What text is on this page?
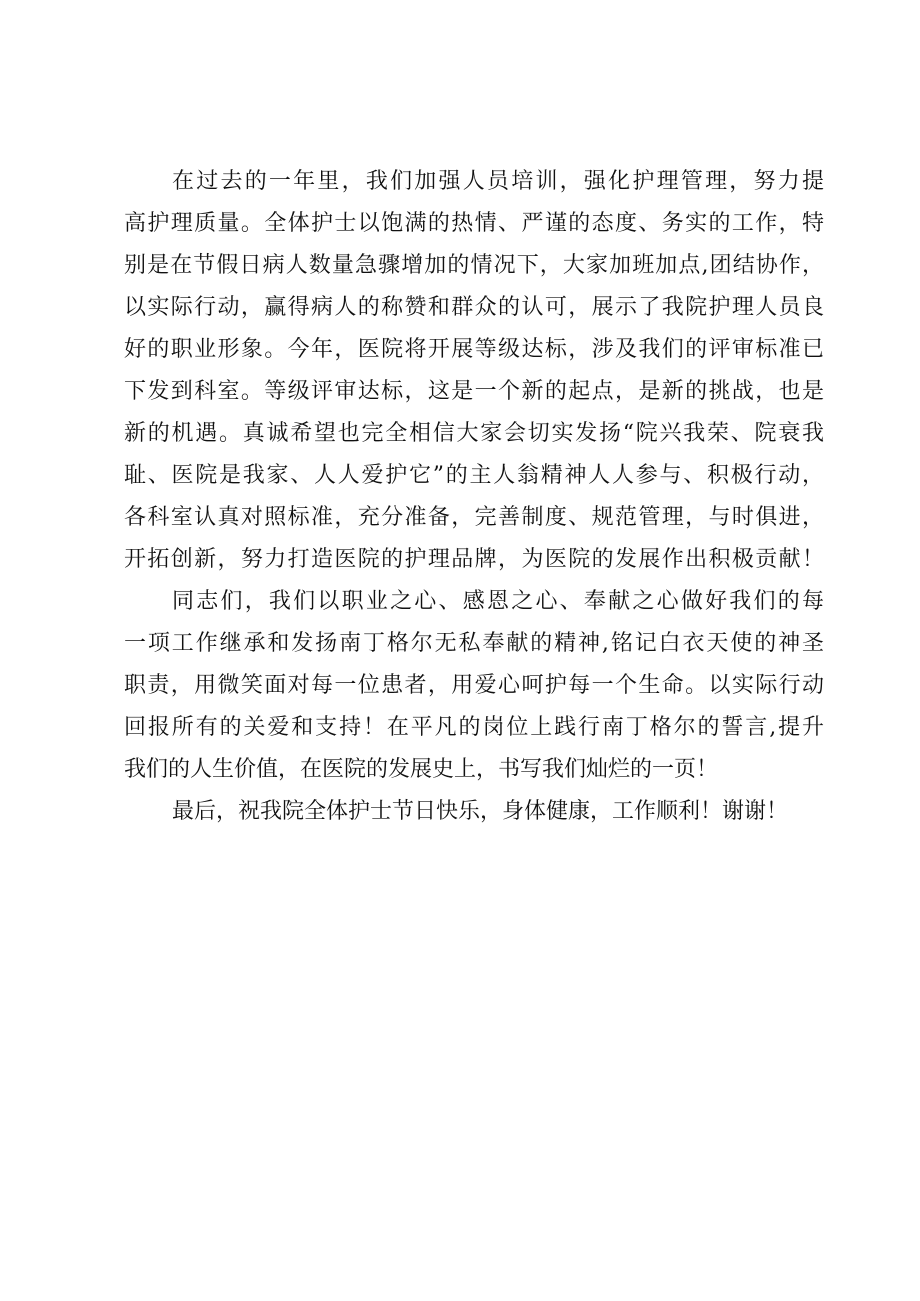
在过去的一年里，我们加强人员培训，强化护理管理，努力提
高护理质量。全体护士以饱满的热情、严谨的态度、务实的工作，特
别是在节假日病人数量急骤增加的情况下，大家加班加点,团结协作，
以实际行动，赢得病人的称赞和群众的认可，展示了我院护理人员良
好的职业形象。今年，医院将开展等级达标，涉及我们的评审标准已
下发到科室。等级评审达标，这是一个新的起点，是新的挑战，也是
新的机遇。真诚希望也完全相信大家会切实发扬“院兴我荣、院衰我
耻、医院是我家、人人爱护它”的主人翁精神人人参与、积极行动，
各科室认真对照标准，充分准备，完善制度、规范管理，与时俱进，
开拓创新，努力打造医院的护理品牌，为医院的发展作出积极贡献！
同志们，我们以职业之心、感恩之心、奉献之心做好我们的每
一项工作继承和发扬南丁格尔无私奉献的精神,铭记白衣天使的神圣
职责，用微笑面对每一位患者，用爱心呵护每一个生命。以实际行动
回报所有的关爱和支持！在平凡的岗位上践行南丁格尔的誓言,提升
我们的人生价值，在医院的发展史上，书写我们灿烂的一页！
最后，祝我院全体护士节日快乐，身体健康，工作顺利！谢谢！
